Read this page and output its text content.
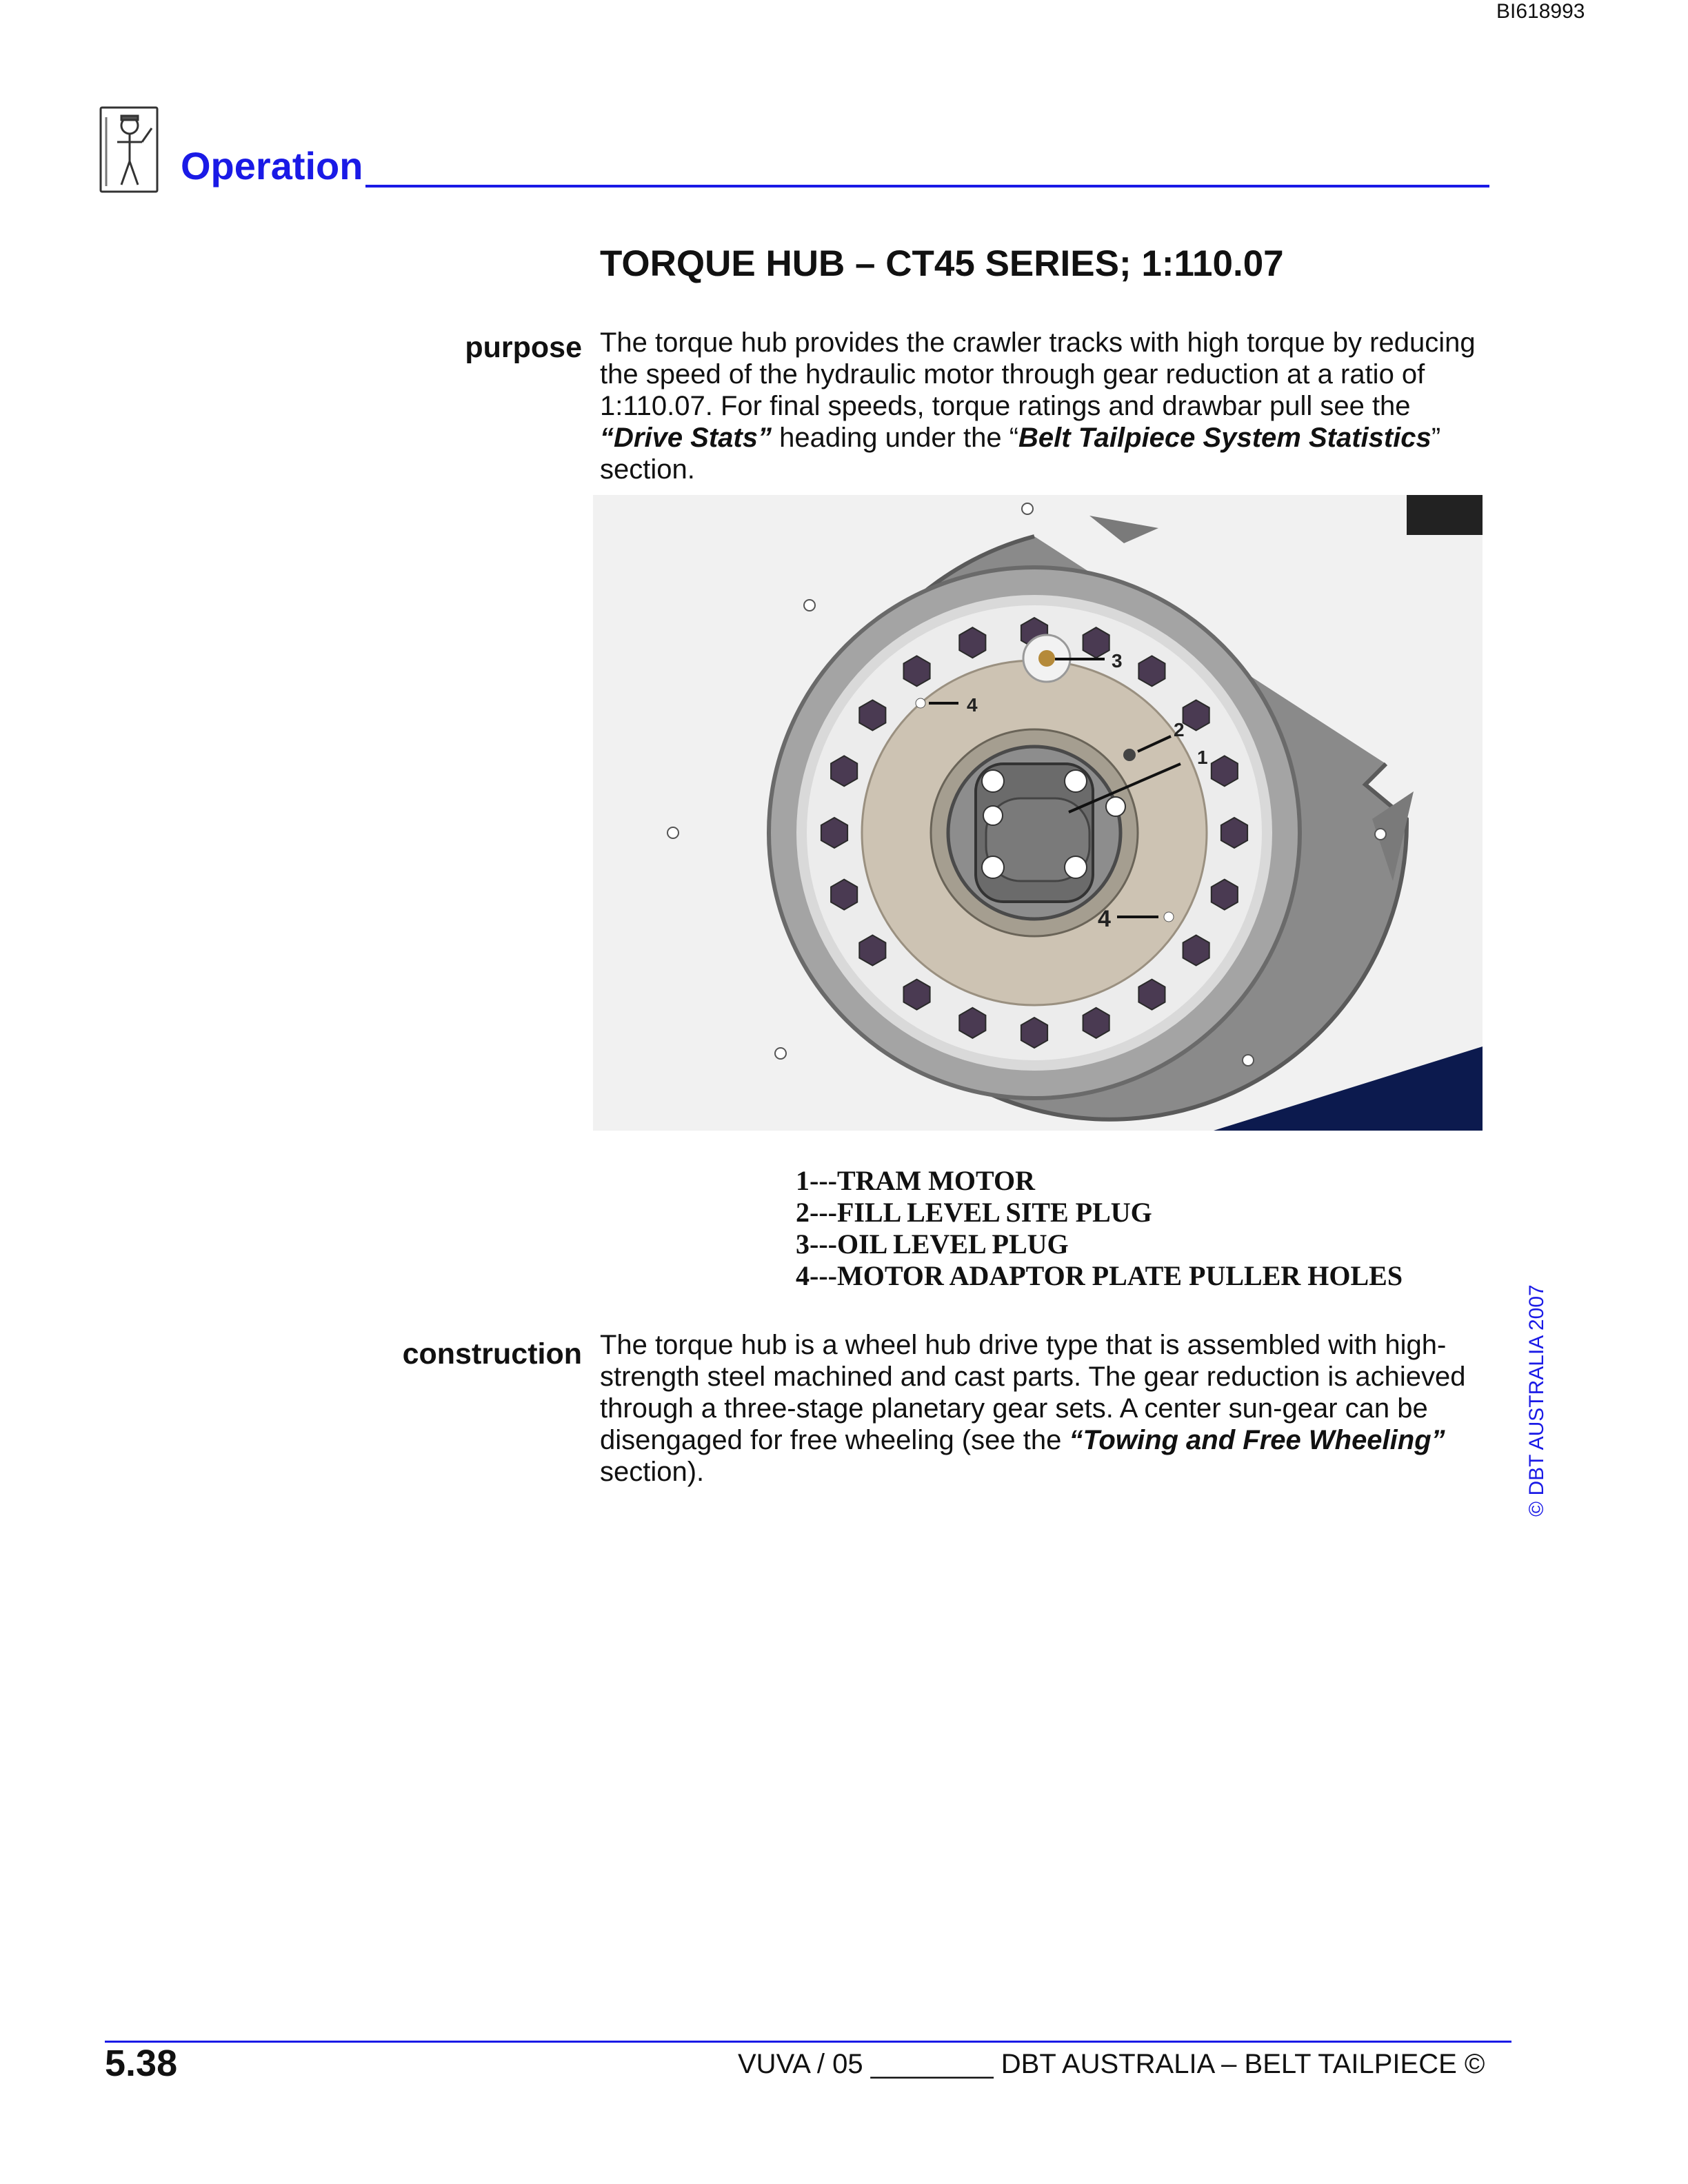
BI618993
Operation
TORQUE HUB – CT45 SERIES; 1:110.07
purpose The torque hub provides the crawler tracks with high torque by reducing the speed of the hydraulic motor through gear reduction at a ratio of 1:110.07. For final speeds, torque ratings and drawbar pull see the “Drive Stats” heading under the “Belt Tailpiece System Statistics” section.

3
4
2
1
4
1---TRAM MOTOR
2---FILL LEVEL SITE PLUG
3---OIL LEVEL PLUG
4---MOTOR ADAPTOR PLATE PULLER HOLES
construction The torque hub is a wheel hub drive type that is assembled with high-strength steel machined and cast parts. The gear reduction is achieved through a three-stage planetary gear sets. A center sun-gear can be disengaged for free wheeling (see the “Towing and Free Wheeling” section).	© DBT AUSTRALIA 2007
5.38	VUVA / 05 ________ DBT AUSTRALIA – BELT TAILPIECE ©
